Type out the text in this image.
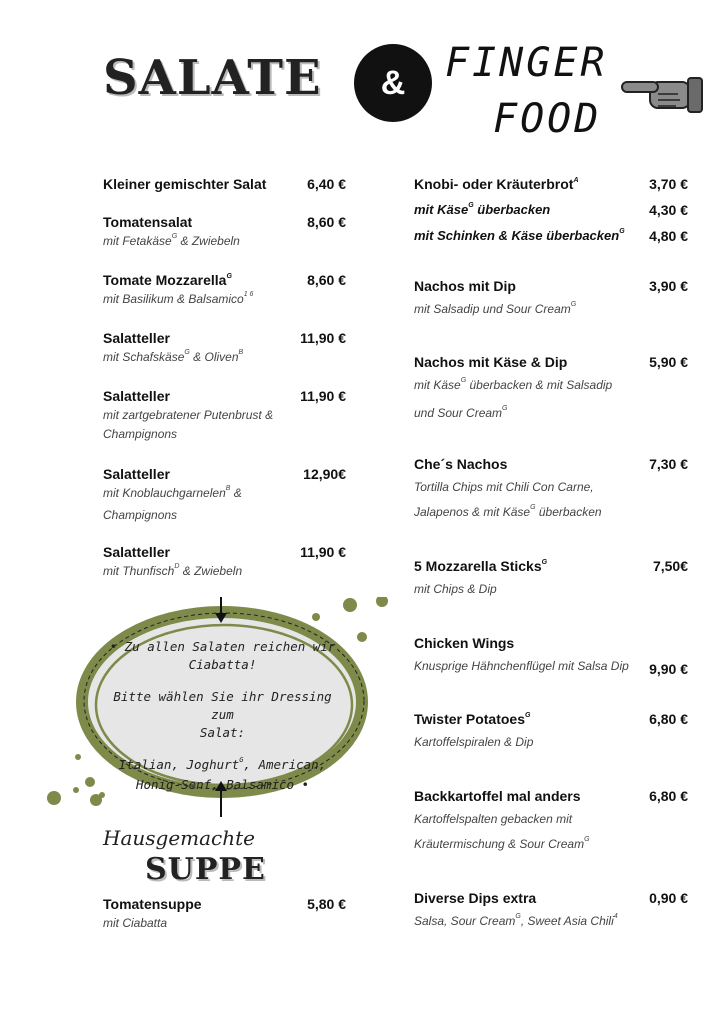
SALATE & FINGER
FOOD
Kleiner gemischter Salat	6,40 €
Tomatensalat
mit Fetakäse$^G$ & Zwiebeln
8,60 €
Tomate Mozzarella$^G$
mit Basilikum & Balsamico$^{1 6}$
8,60 €
Salatteller
mit Schafskäse$^G$ & Oliven$^B$
11,90 €
Salatteller
mit zartgebratener Putenbrust &
Champignons
11,90 €
Salatteller
mit Knoblauchgarnelen$^B$ &
Champignons
12,90€
Salatteller
mit Thunfisch$^D$ & Zwiebeln
11,90 €
• Zu allen Salaten reichen wir
Ciabatta!
Bitte wählen Sie ihr Dressing zum
Salat:
Italian, Joghurt$^G$, American,
Honig-Senf, Balsamico •
Hausgemachte
SUPPE
Tomatensuppe
mit Ciabatta
5,80 €
Knobi- oder Kräuterbrot$^A$	3,70 €
mit Käse$^G$ überbacken	4,30 €
mit Schinken & Käse überbacken$^G$	4,80 €
Nachos mit Dip
mit Salsadip und Sour Cream$^G$
3,90 €
Nachos mit Käse & Dip
mit Käse$^G$ überbacken & mit Salsadip
und Sour Cream$^G$
5,90 €
Che´s Nachos
Tortilla Chips mit Chili Con Carne,
Jalapenos & mit Käse$^G$ überbacken
7,30 €
5 Mozzarella Sticks$^G$
mit Chips & Dip
7,50€
Chicken Wings
Knusprige Hähnchenflügel mit Salsa Dip	9,90 €
Twister Potatoes$^G$
Kartoffelspiralen & Dip
6,80 €
Backkartoffel mal anders
Kartoffelspalten gebacken mit
Kräutermischung & Sour Cream$^G$
6,80 €
Diverse Dips extra
Salsa, Sour Cream$^G$, Sweet Asia Chili$^4$
0,90 €
